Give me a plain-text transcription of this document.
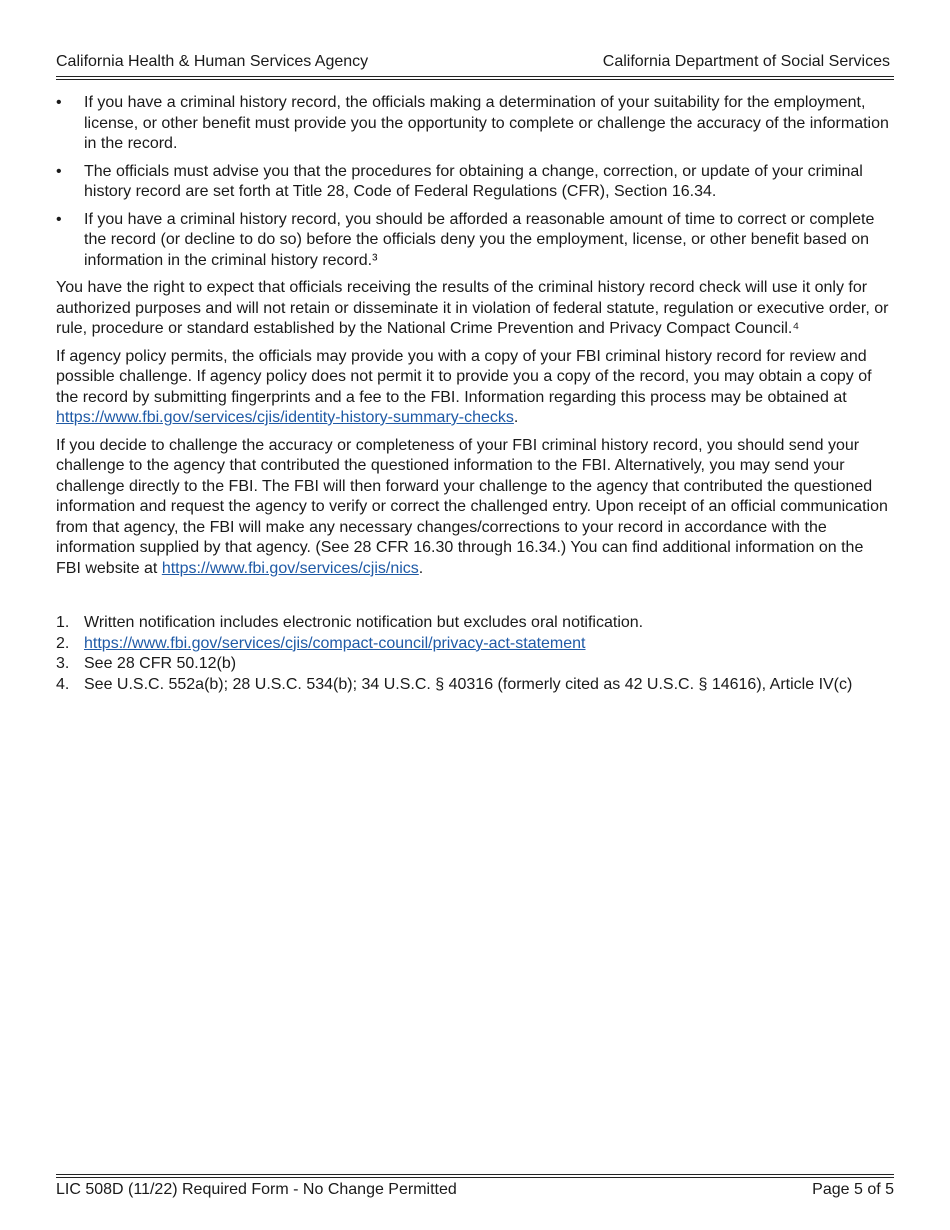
California Health & Human Services Agency	California Department of Social Services
•	If you have a criminal history record, the officials making a determination of your suitability for the employment, license, or other benefit must provide you the opportunity to complete or challenge the accuracy of the information in the record.
•	The officials must advise you that the procedures for obtaining a change, correction, or update of your criminal history record are set forth at Title 28, Code of Federal Regulations (CFR), Section 16.34.
•	If you have a criminal history record, you should be afforded a reasonable amount of time to correct or complete the record (or decline to do so) before the officials deny you the employment, license, or other benefit based on information in the criminal history record.³

You have the right to expect that officials receiving the results of the criminal history record check will use it only for authorized purposes and will not retain or disseminate it in violation of federal statute, regulation or executive order, or rule, procedure or standard established by the National Crime Prevention and Privacy Compact Council.⁴

If agency policy permits, the officials may provide you with a copy of your FBI criminal history record for review and possible challenge. If agency policy does not permit it to provide you a copy of the record, you may obtain a copy of the record by submitting fingerprints and a fee to the FBI. Information regarding this process may be obtained at https://www.fbi.gov/services/cjis/identity-history-summary-checks.

If you decide to challenge the accuracy or completeness of your FBI criminal history record, you should send your challenge to the agency that contributed the questioned information to the FBI. Alternatively, you may send your challenge directly to the FBI. The FBI will then forward your challenge to the agency that contributed the questioned information and request the agency to verify or correct the challenged entry. Upon receipt of an official communication from that agency, the FBI will make any necessary changes/corrections to your record in accordance with the information supplied by that agency. (See 28 CFR 16.30 through 16.34.) You can find additional information on the FBI website at https://www.fbi.gov/services/cjis/nics.

1. Written notification includes electronic notification but excludes oral notification.
2. https://www.fbi.gov/services/cjis/compact-council/privacy-act-statement
3. See 28 CFR 50.12(b)
4. See U.S.C. 552a(b); 28 U.S.C. 534(b); 34 U.S.C. § 40316 (formerly cited as 42 U.S.C. § 14616), Article IV(c)
LIC 508D (11/22) Required Form - No Change Permitted	Page 5 of 5
